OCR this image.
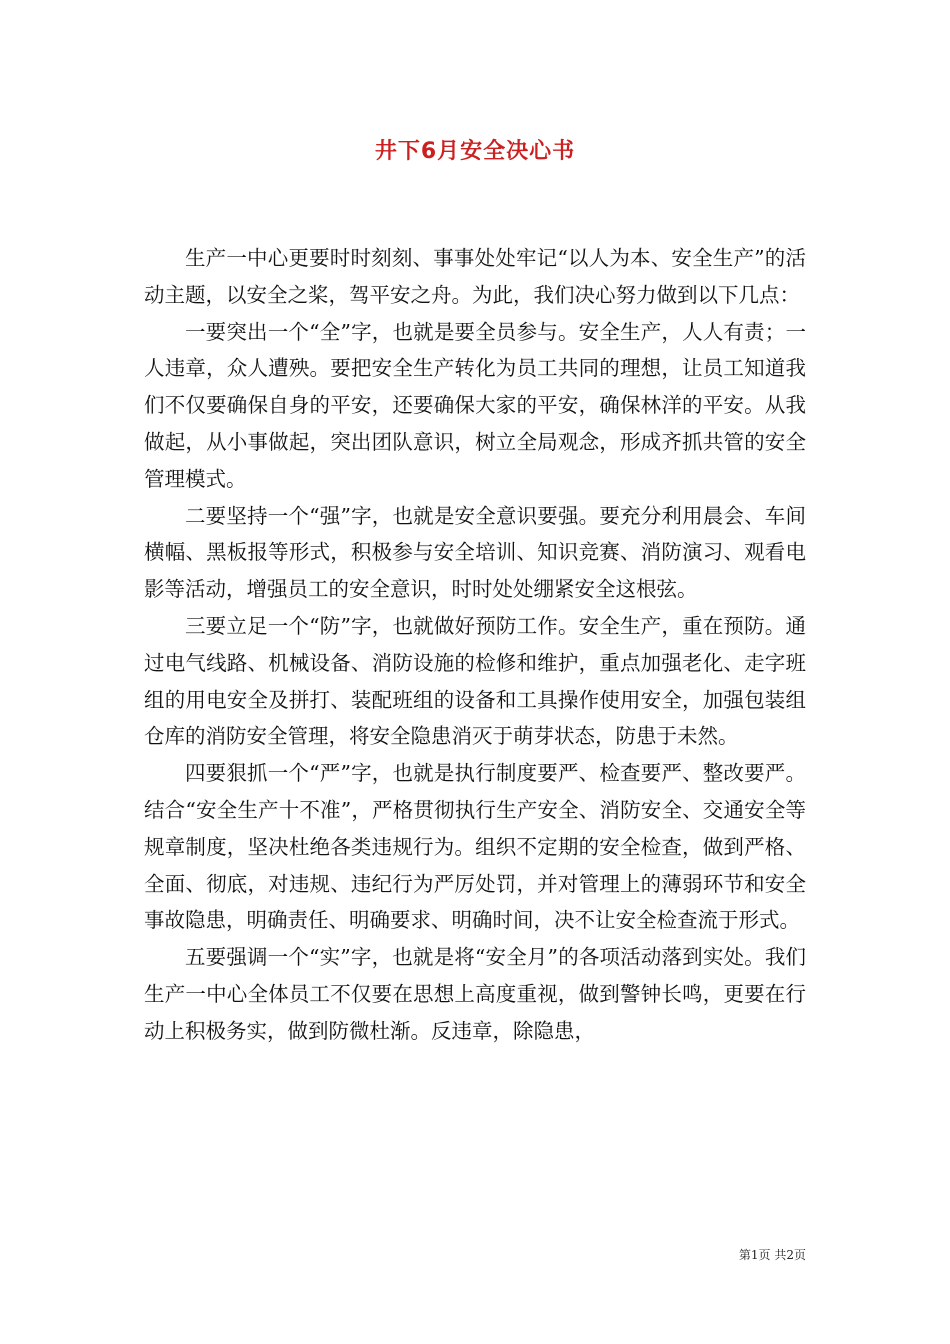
井下6月安全决心书

生产一中心更要时时刻刻、事事处处牢记“以人为本、安全生产”的活动主题，以安全之桨，驾平安之舟。为此，我们决心努力做到以下几点：

一要突出一个“全”字，也就是要全员参与。安全生产，人人有责；一人违章，众人遭殃。要把安全生产转化为员工共同的理想，让员工知道我们不仅要确保自身的平安，还要确保大家的平安，确保林洋的平安。从我做起，从小事做起，突出团队意识，树立全局观念，形成齐抓共管的安全管理模式。

二要坚持一个“强”字，也就是安全意识要强。要充分利用晨会、车间横幅、黑板报等形式，积极参与安全培训、知识竞赛、消防演习、观看电影等活动，增强员工的安全意识，时时处处绷紧安全这根弦。

三要立足一个“防”字，也就做好预防工作。安全生产，重在预防。通过电气线路、机械设备、消防设施的检修和维护，重点加强老化、走字班组的用电安全及拼打、装配班组的设备和工具操作使用安全，加强包装组仓库的消防安全管理，将安全隐患消灭于萌芽状态，防患于未然。

四要狠抓一个“严”字，也就是执行制度要严、检查要严、整改要严。结合“安全生产十不准”，严格贯彻执行生产安全、消防安全、交通安全等规章制度，坚决杜绝各类违规行为。组织不定期的安全检查，做到严格、全面、彻底，对违规、违纪行为严厉处罚，并对管理上的薄弱环节和安全事故隐患，明确责任、明确要求、明确时间，决不让安全检查流于形式。

五要强调一个“实”字，也就是将“安全月”的各项活动落到实处。我们生产一中心全体员工不仅要在思想上高度重视，做到警钟长鸣，更要在行动上积极务实，做到防微杜渐。反违章，除隐患，

第1页 共2页
